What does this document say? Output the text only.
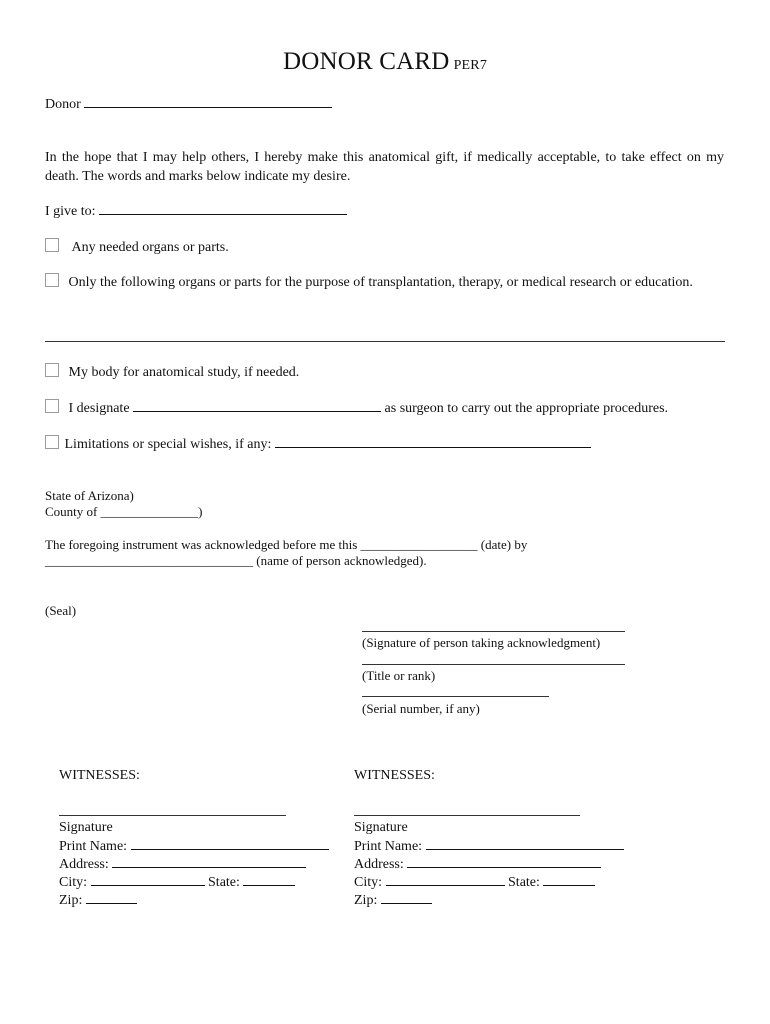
DONOR CARD PER7
Donor
In the hope that I may help others, I hereby make this anatomical gift, if medically acceptable, to take effect on my death. The words and marks below indicate my desire.
I give to:
Any needed organs or parts.
Only the following organs or parts for the purpose of transplantation, therapy, or medical research or education.
My body for anatomical study, if needed.
I designate	as surgeon to carry out the appropriate procedures.
Limitations or special wishes, if any:
State of Arizona)
County of _______________)
The foregoing instrument was acknowledged before me this __________________ (date) by
________________________________ (name of person acknowledged).
(Seal)
(Signature of person taking acknowledgment)
(Title or rank)
(Serial number, if any)
WITNESSES:
Signature
Print Name:
Address:
City:	State:
Zip:
WITNESSES:
Signature
Print Name:
Address:
City:	State:
Zip:
